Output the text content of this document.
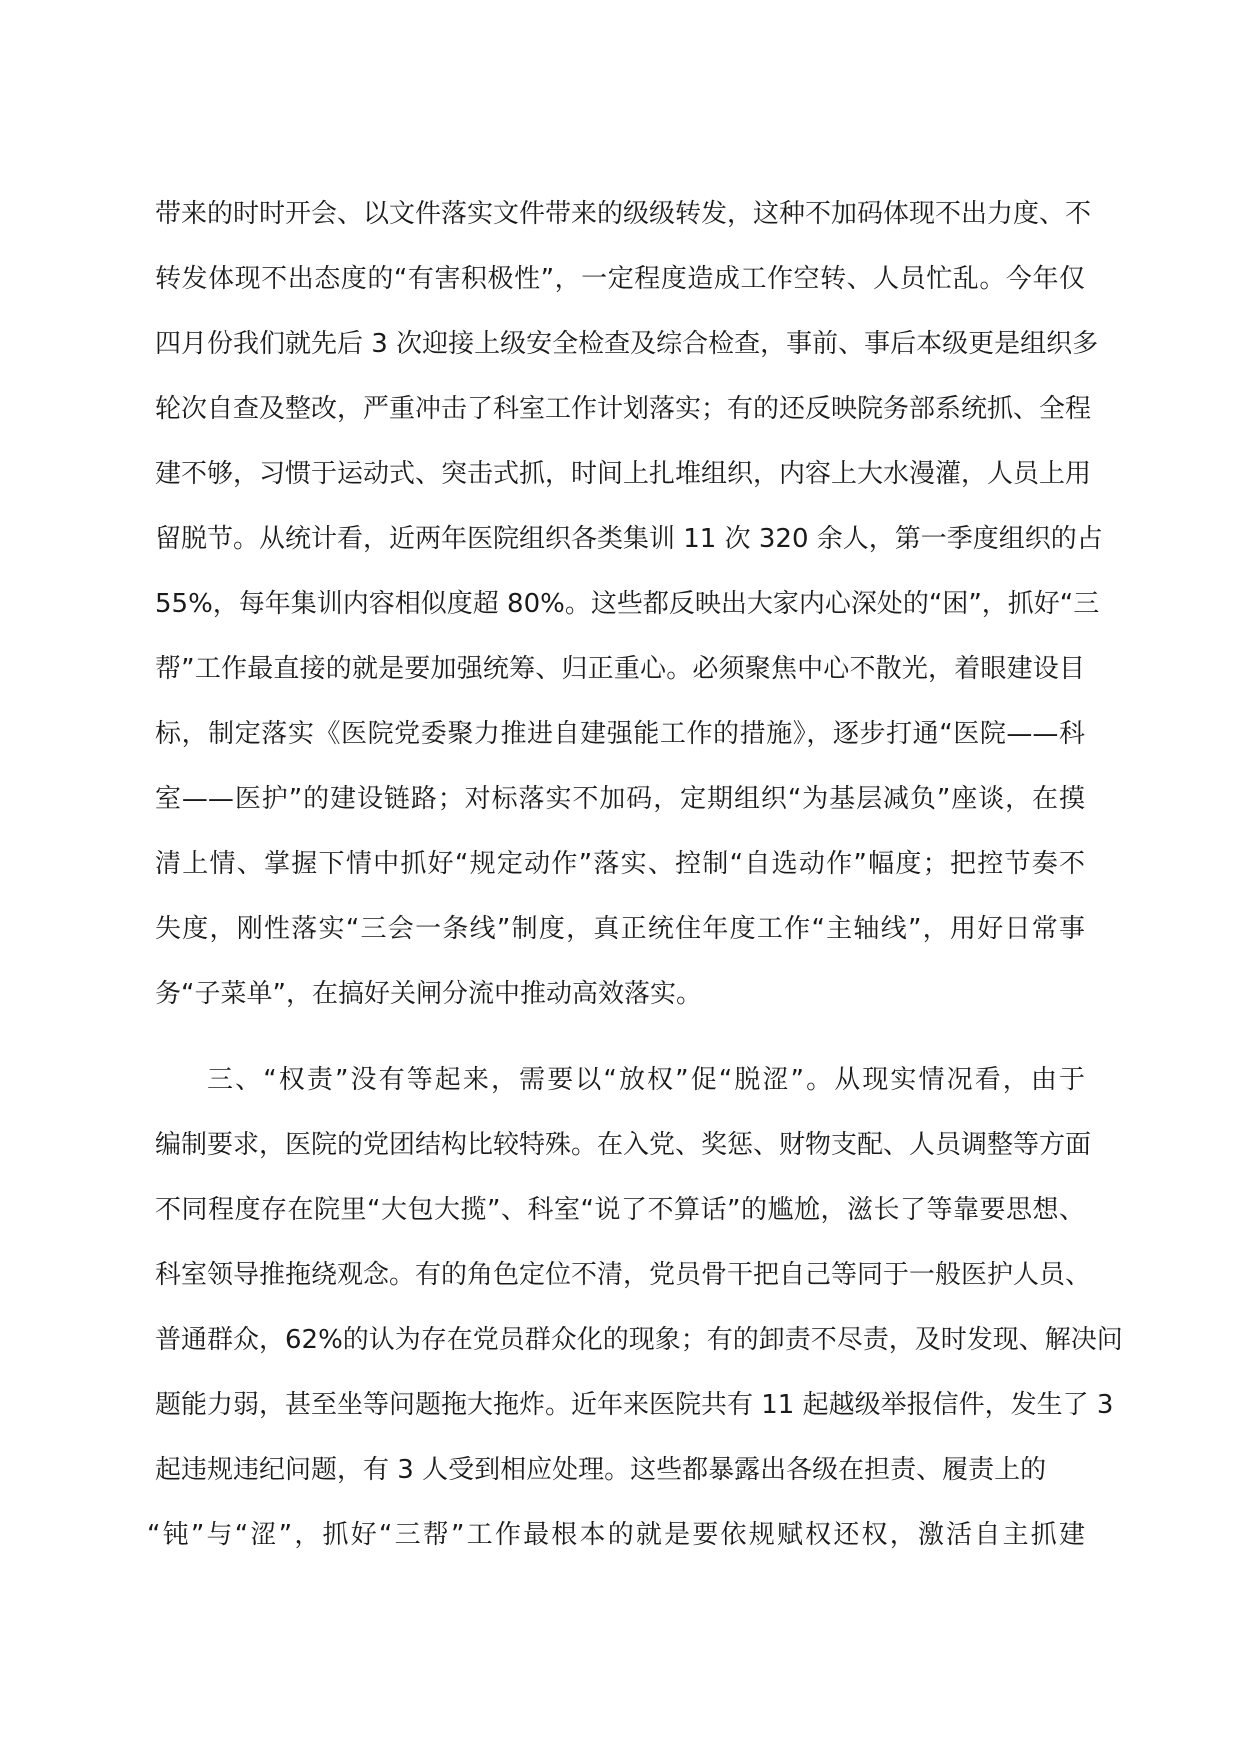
带来的时时开会、以文件落实文件带来的级级转发，这种不加码体现不出力度、不
转发体现不出态度的“有害积极性”，一定程度造成工作空转、人员忙乱。今年仅
四月份我们就先后 3 次迎接上级安全检查及综合检查，事前、事后本级更是组织多
轮次自查及整改，严重冲击了科室工作计划落实；有的还反映院务部系统抓、全程
建不够，习惯于运动式、突击式抓，时间上扎堆组织，内容上大水漫灌，人员上用
留脱节。从统计看，近两年医院组织各类集训 11 次 320 余人，第一季度组织的占
55%，每年集训内容相似度超 80%。这些都反映出大家内心深处的“困”，抓好“三
帮”工作最直接的就是要加强统筹、归正重心。必须聚焦中心不散光，着眼建设目
标，制定落实《医院党委聚力推进自建强能工作的措施》，逐步打通“医院——科
室——医护”的建设链路；对标落实不加码，定期组织“为基层减负”座谈，在摸
清上情、掌握下情中抓好“规定动作”落实、控制“自选动作”幅度；把控节奏不
失度，刚性落实“三会一条线”制度，真正统住年度工作“主轴线”，用好日常事
务“子菜单”，在搞好关闸分流中推动高效落实。
三、“权责”没有等起来，需要以“放权”促“脱涩”。从现实情况看，由于
编制要求，医院的党团结构比较特殊。在入党、奖惩、财物支配、人员调整等方面
不同程度存在院里“大包大揽”、科室“说了不算话”的尴尬，滋长了等靠要思想、
科室领导推拖绕观念。有的角色定位不清，党员骨干把自己等同于一般医护人员、
普通群众，62%的认为存在党员群众化的现象；有的卸责不尽责，及时发现、解决问
题能力弱，甚至坐等问题拖大拖炸。近年来医院共有 11 起越级举报信件，发生了 3
起违规违纪问题，有 3 人受到相应处理。这些都暴露出各级在担责、履责上的
“钝”与“涩”，抓好“三帮”工作最根本的就是要依规赋权还权，激活自主抓建
